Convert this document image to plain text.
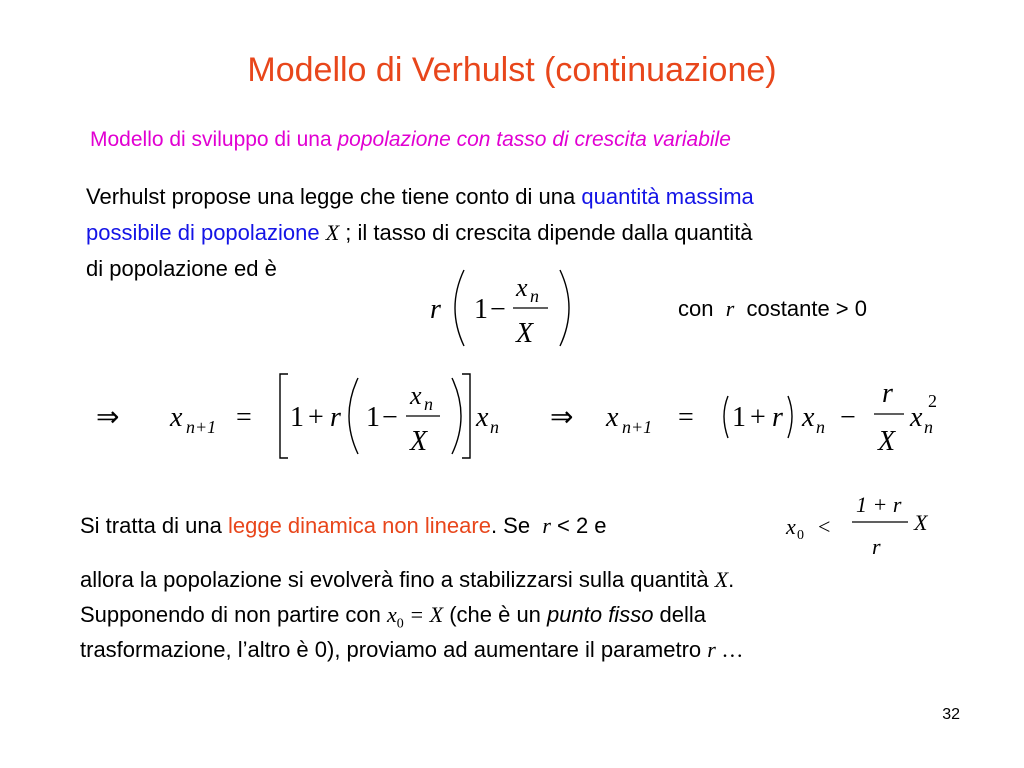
Modello di Verhulst (continuazione)
Modello di sviluppo di una popolazione con tasso di crescita variabile
Verhulst propose una legge che tiene conto di una quantità massima
possibile di popolazione X ; il tasso di crescita dipende dalla quantità
di popolazione ed è
r 1 −
x n
X
con r costante > 0
⇒ x n+1 = 1 + r 1 −
x n
X
x n ⇒ x n+1 = 1 + r x n −
r
X
x n
2
Si tratta di una legge dinamica non lineare. Se  r < 2 e	x 0 <
1 + r
r
X
allora la popolazione si evolverà fino a stabilizzarsi sulla quantità X.
Supponendo di non partire con $x_0 = X$ (che è un punto fisso della
trasformazione, l’altro è 0), proviamo ad aumentare il parametro r …
32
